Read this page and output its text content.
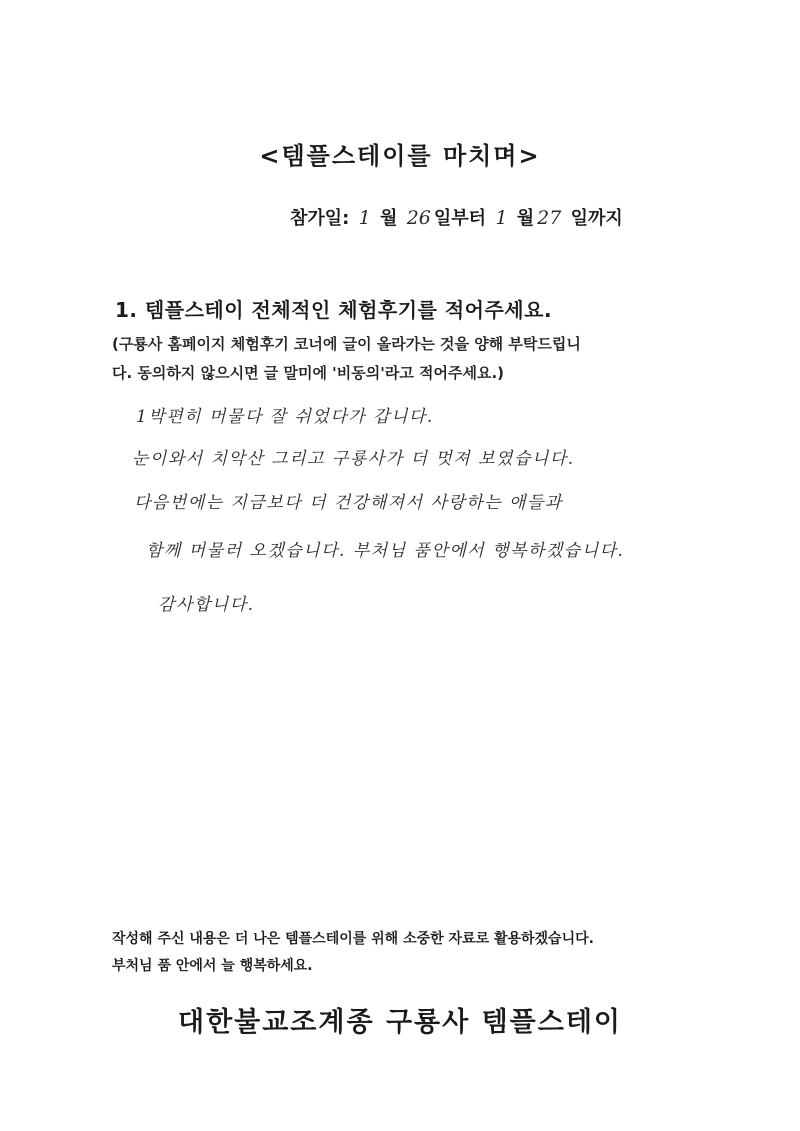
<템플스테이를 마치며>
참가일: 1 월 26 일부터 1 월 27 일까지
1. 템플스테이 전체적인 체험후기를 적어주세요.
(구룡사 홈페이지 체험후기 코너에 글이 올라가는 것을 양해 부탁드립니
다. 동의하지 않으시면 글 말미에 '비동의'라고 적어주세요.)
1박편히 머물다 잘 쉬었다가 갑니다.
눈이와서 치악산 그리고 구룡사가 더 멋져 보였습니다.
다음번에는 지금보다 더 건강해져서 사랑하는 애들과
함께 머물러 오겠습니다. 부처님 품안에서 행복하겠습니다.
감사합니다.
작성해 주신 내용은 더 나은 템플스테이를 위해 소중한 자료로 활용하겠습니다.
부처님 품 안에서 늘 행복하세요.
대한불교조계종 구룡사 템플스테이
